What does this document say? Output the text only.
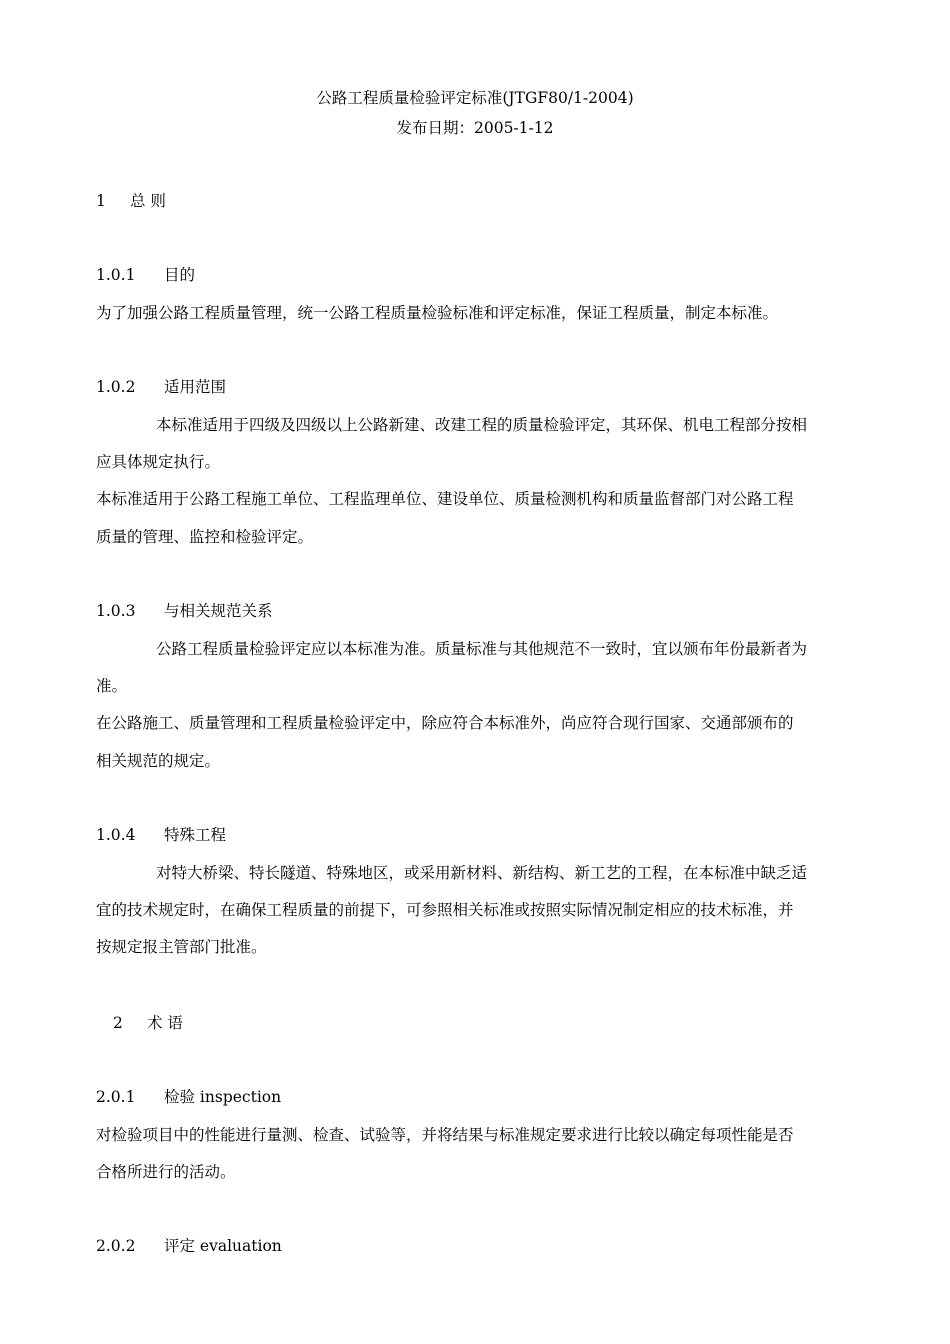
公路工程质量检验评定标准(JTGF80/1-2004)
发布日期：2005-1-12
1 总 则
1.0.1 目的
为了加强公路工程质量管理，统一公路工程质量检验标准和评定标准，保证工程质量，制定本标准。
1.0.2 适用范围
本标准适用于四级及四级以上公路新建、改建工程的质量检验评定，其环保、机电工程部分按相
应具体规定执行。
本标准适用于公路工程施工单位、工程监理单位、建设单位、质量检测机构和质量监督部门对公路工程
质量的管理、监控和检验评定。
1.0.3 与相关规范关系
公路工程质量检验评定应以本标准为准。质量标准与其他规范不一致时，宜以颁布年份最新者为
准。
在公路施工、质量管理和工程质量检验评定中，除应符合本标准外，尚应符合现行国家、交通部颁布的
相关规范的规定。
1.0.4 特殊工程
对特大桥梁、特长隧道、特殊地区，或采用新材料、新结构、新工艺的工程，在本标准中缺乏适
宜的技术规定时，在确保工程质量的前提下，可参照相关标准或按照实际情况制定相应的技术标准，并
按规定报主管部门批准。
2 术 语
2.0.1 检验 inspection
对检验项目中的性能进行量测、检查、试验等，并将结果与标准规定要求进行比较以确定每项性能是否
合格所进行的活动。
2.0.2 评定 evaluation
